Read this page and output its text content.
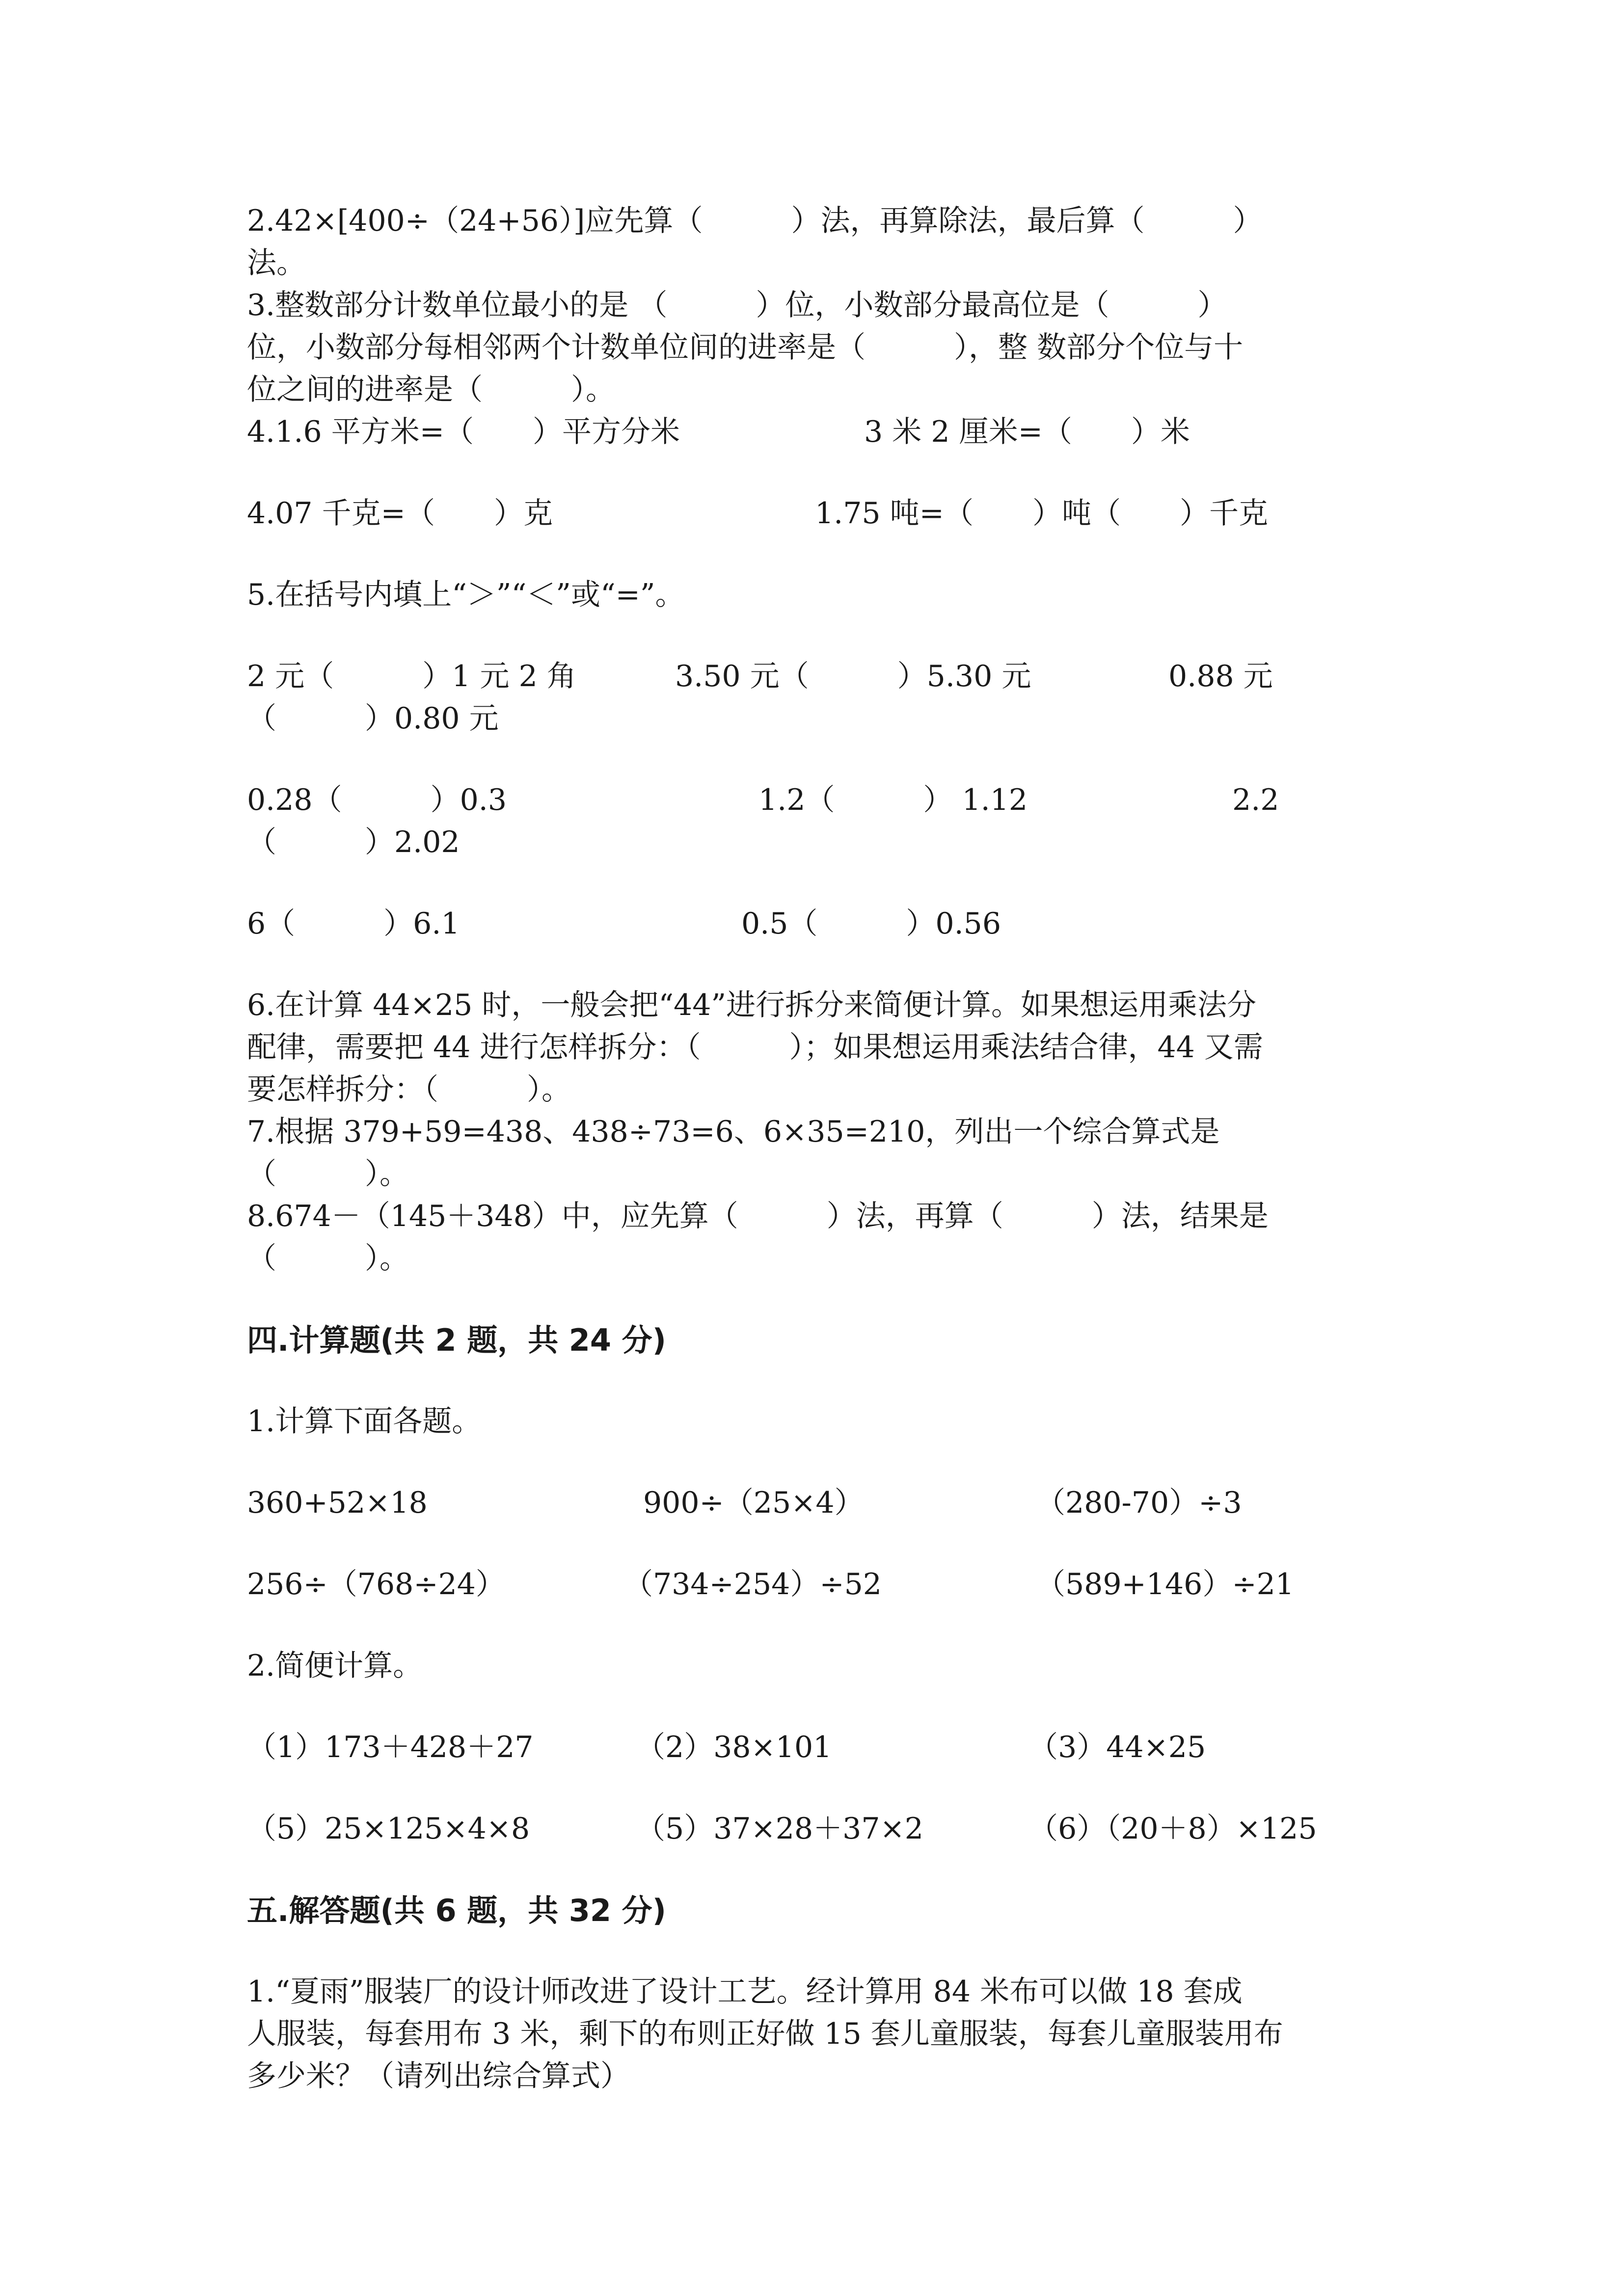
2.42×[400÷（24+56）]应先算（　　　）法，再算除法，最后算（　　　）

法。

3.整数部分计数单位最小的是 （　　　）位，小数部分最高位是（　　　）

位，小数部分每相邻两个计数单位间的进率是（　　　），整 数部分个位与十

位之间的进率是（　　　）。

4.1.6 平方米=（　　）平方分米	3 米 2 厘米=（　　）米

4.07 千克=（　　）克	1.75 吨=（　　）吨（　　）千克

5.在括号内填上“＞”“＜”或“=”。

2 元（　　　）1 元 2 角	3.50 元（　　　）5.30 元	0.88 元

（　　　）0.80 元

0.28（　　　）0.3	1.2（　　　） 1.12	2.2

（　　　）2.02

6（　　　）6.1	0.5（　　　）0.56

6.在计算 44×25 时，一般会把“44”进行拆分来简便计算。如果想运用乘法分

配律，需要把 44 进行怎样拆分：（　　　）；如果想运用乘法结合律，44 又需

要怎样拆分：（　　　）。

7.根据 379+59=438、438÷73=6、6×35=210，列出一个综合算式是

（　　　）。

8.674－（145＋348）中，应先算（　　　）法，再算（　　　）法，结果是

（　　　）。

四.计算题(共 2 题，共 24 分)

1.计算下面各题。

360+52×18	900÷（25×4）	（280-70）÷3

256÷（768÷24）	（734÷254）÷52	（589+146）÷21

2.简便计算。

（1）173＋428＋27	（2）38×101	（3）44×25

（5）25×125×4×8	（5）37×28＋37×2	（6）（20＋8）×125

五.解答题(共 6 题，共 32 分)

1.“夏雨”服装厂的设计师改进了设计工艺。经计算用 84 米布可以做 18 套成

人服装，每套用布 3 米，剩下的布则正好做 15 套儿童服装，每套儿童服装用布

多少米？（请列出综合算式）
